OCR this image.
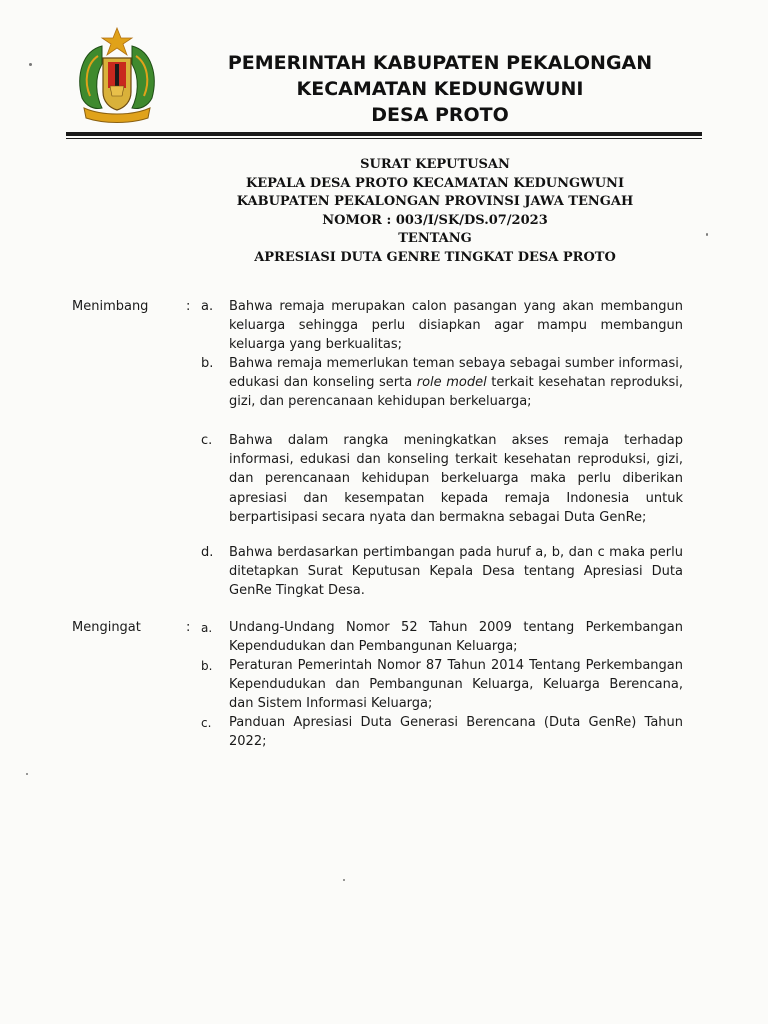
PEMERINTAH KABUPATEN PEKALONGAN
KECAMATAN KEDUNGWUNI
DESA PROTO
SURAT KEPUTUSAN
KEPALA DESA PROTO KECAMATAN KEDUNGWUNI
KABUPATEN PEKALONGAN PROVINSI JAWA TENGAH
NOMOR : 003/I/SK/DS.07/2023
TENTANG
APRESIASI DUTA GENRE TINGKAT DESA PROTO
Menimbang	: a. Bahwa remaja merupakan calon pasangan yang akan membangun keluarga sehingga perlu disiapkan agar mampu membangun keluarga yang berkualitas;
b. Bahwa remaja memerlukan teman sebaya sebagai sumber informasi, edukasi dan konseling serta role model terkait kesehatan reproduksi, gizi, dan perencanaan kehidupan berkeluarga;
c. Bahwa dalam rangka meningkatkan akses remaja terhadap informasi, edukasi dan konseling terkait kesehatan reproduksi, gizi, dan perencanaan kehidupan berkeluarga maka perlu diberikan apresiasi dan kesempatan kepada remaja Indonesia untuk berpartisipasi secara nyata dan bermakna sebagai Duta GenRe;
d. Bahwa berdasarkan pertimbangan pada huruf a, b, dan c maka perlu ditetapkan Surat Keputusan Kepala Desa tentang Apresiasi Duta GenRe Tingkat Desa.
Mengingat	: a. Undang-Undang Nomor 52 Tahun 2009 tentang Perkembangan Kependudukan dan Pembangunan Keluarga;
b. Peraturan Pemerintah Nomor 87 Tahun 2014 Tentang Perkembangan Kependudukan dan Pembangunan Keluarga, Keluarga Berencana, dan Sistem Informasi Keluarga;
c. Panduan Apresiasi Duta Generasi Berencana (Duta GenRe) Tahun 2022;
